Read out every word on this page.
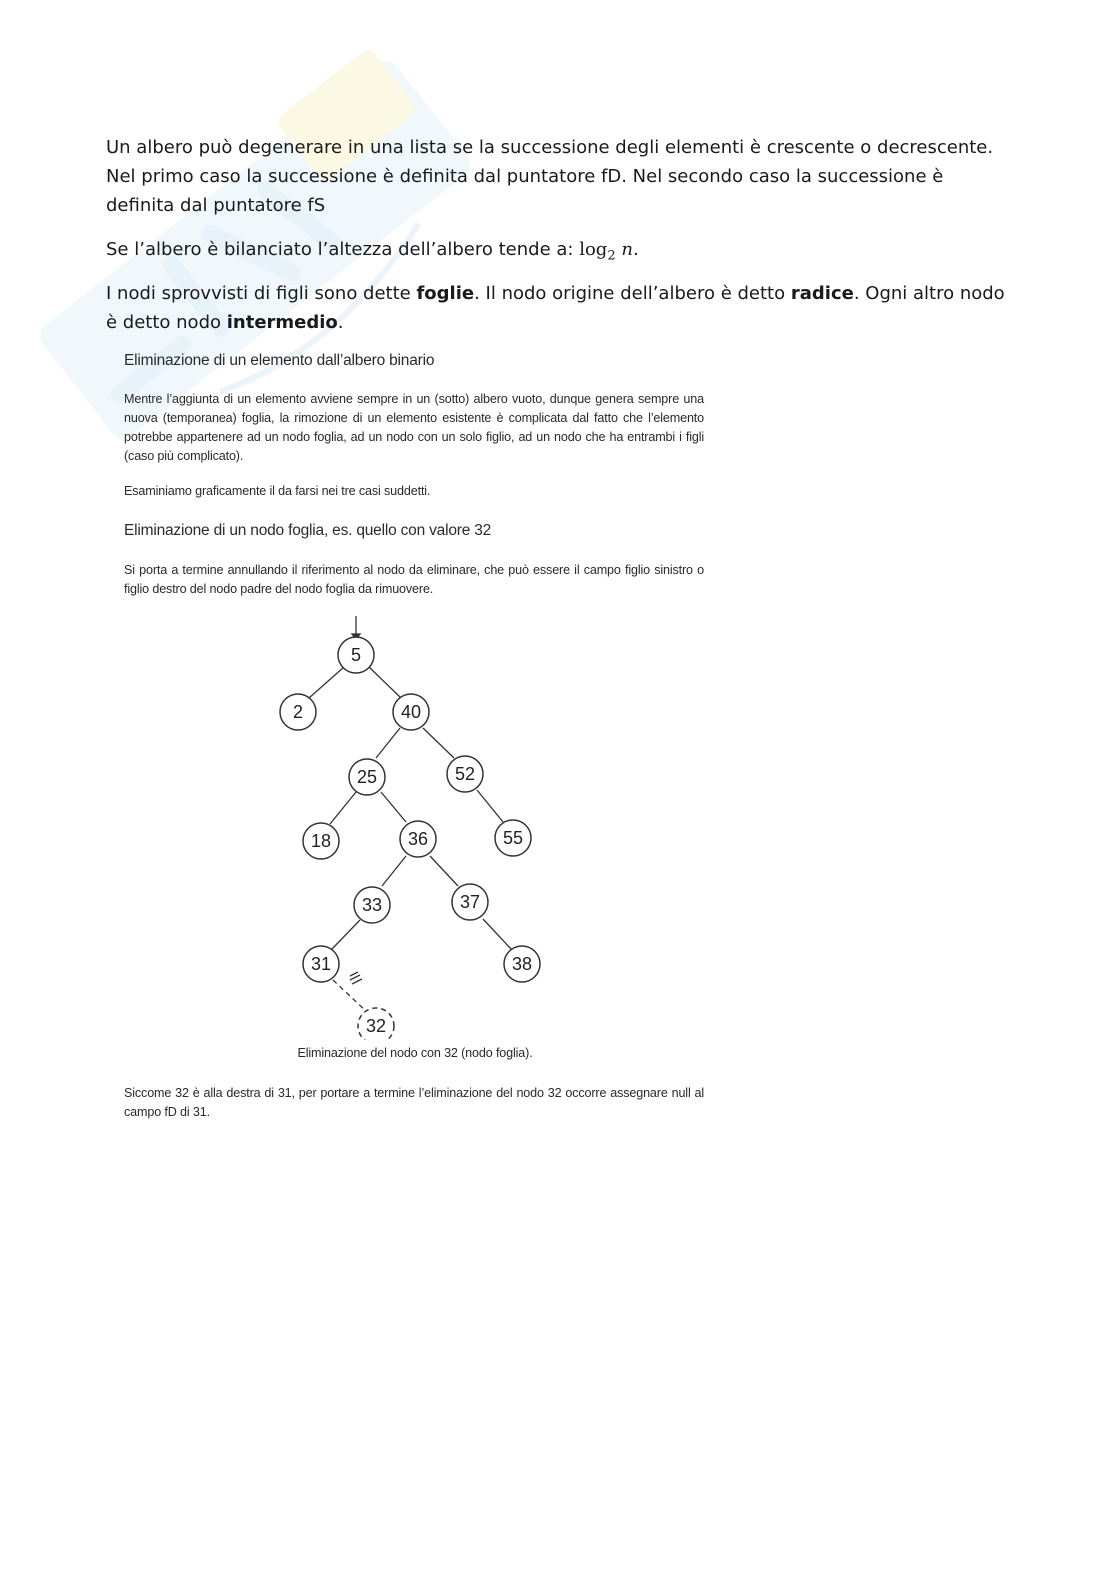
Un albero può degenerare in una lista se la successione degli elementi è crescente o decrescente. Nel primo caso la successione è definita dal puntatore fD. Nel secondo caso la successione è definita dal puntatore fS

Se l’albero è bilanciato l’altezza dell’albero tende a: $\log_2 n$.

I nodi sprovvisti di figli sono dette foglie. Il nodo origine dell’albero è detto radice. Ogni altro nodo è detto nodo intermedio.

Eliminazione di un elemento dall’albero binario

Mentre l’aggiunta di un elemento avviene sempre in un (sotto) albero vuoto, dunque genera sempre una nuova (temporanea) foglia, la rimozione di un elemento esistente è complicata dal fatto che l’elemento potrebbe appartenere ad un nodo foglia, ad un nodo con un solo figlio, ad un nodo che ha entrambi i figli (caso più complicato).

Esaminiamo graficamente il da farsi nei tre casi suddetti.

Eliminazione di un nodo foglia, es. quello con valore 32

Si porta a termine annullando il riferimento al nodo da eliminare, che può essere il campo figlio sinistro o figlio destro del nodo padre del nodo foglia da rimuovere.

5
2	40
25	52
18	36	55
33	37
31	38
32

Eliminazione del nodo con 32 (nodo foglia).

Siccome 32 è alla destra di 31, per portare a termine l’eliminazione del nodo 32 occorre assegnare null al campo fD di 31.
